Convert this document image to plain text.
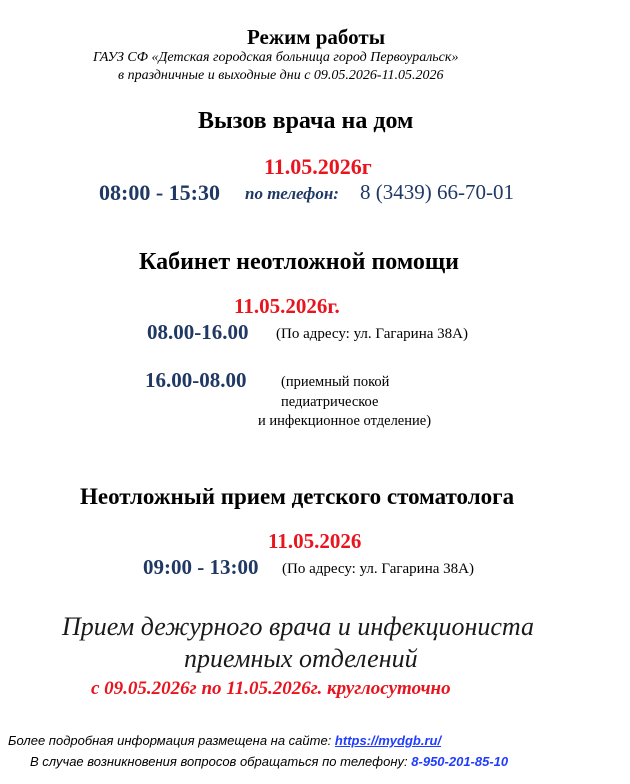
Режим работы
ГАУЗ СФ «Детская городская больница город Первоуральск»
в праздничные и выходные дни с 09.05.2026-11.05.2026
Вызов врача на дом
11.05.2026г
08:00 - 15:30 по телефон: 8 (3439) 66-70-01
Кабинет неотложной помощи
11.05.2026г.
08.00-16.00 (По адресу: ул. Гагарина 38А)
16.00-08.00 (приемный покой
педиатрическое
и инфекционное отделение)
Неотложный прием детского стоматолога
11.05.2026
09:00 - 13:00 (По адресу: ул. Гагарина 38А)
Прием дежурного врача и инфекциониста
приемных отделений
с 09.05.2026г по 11.05.2026г. круглосуточно
Более подробная информация размещена на сайте: https://mydgb.ru/
В случае возникновения вопросов обращаться по телефону: 8-950-201-85-10
